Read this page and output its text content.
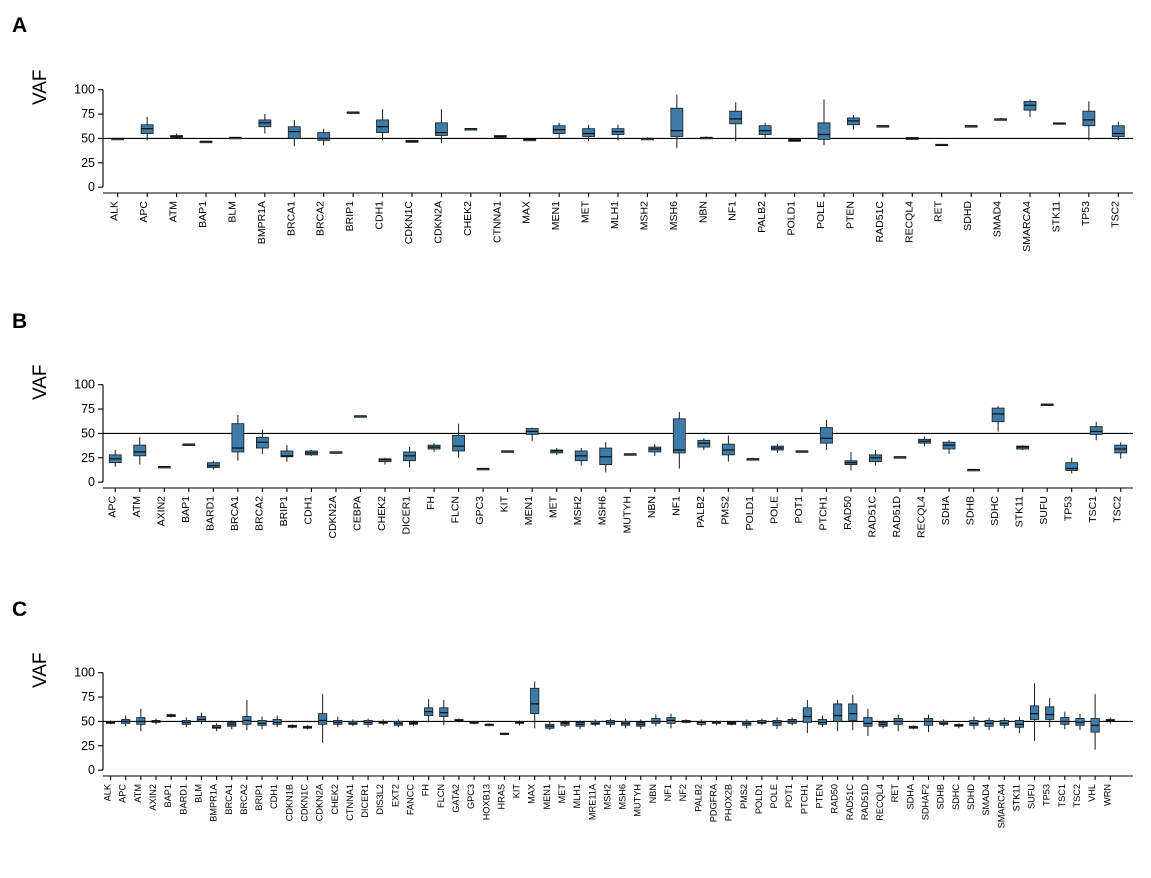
A
VAF
0
25
50
75
100
ALK APC ATM BAP1 BLM BMPR1A BRCA1 BRCA2 BRIP1 CDH1 CDKN1C CDKN2A CHEK2 CTNNA1 MAX MEN1 MET MLH1 MSH2 MSH6 NBN NF1 PALB2 POLD1 POLE PTEN RAD51C RECQL4 RET SDHD SMAD4 SMARCA4 STK11 TP53 TSC2
B
VAF
0
25
50
75
100
APC ATM AXIN2 BAP1 BARD1 BRCA1 BRCA2 BRIP1 CDH1 CDKN2A CEBPA CHEK2 DICER1 FH FLCN GPC3 KIT MEN1 MET MSH2 MSH6 MUTYH NBN NF1 PALB2 PMS2 POLD1 POLE POT1 PTCH1 RAD50 RAD51C RAD51D RECQL4 SDHA SDHB SDHC STK11 SUFU TP53 TSC1 TSC2
C
VAF
0
25
50
75
100
ALK APC ATM AXIN2 BAP1 BARD1 BLM BMPR1A BRCA1 BRCA2 BRIP1 CDH1 CDKN1B CDKN1C CDKN2A CHEK2 CTNNA1 DICER1 DIS3L2 EXT2 FANCC FH FLCN GATA2 GPC3 HOXB13 HRAS KIT MAX MEN1 MET MLH1 MRE11A MSH2 MSH6 MUTYH NBN NF1 NF2 PALB2 PDGFRA PHOX2B PMS2 POLD1 POLE POT1 PTCH1 PTEN RAD50 RAD51C RAD51D RECQL4 RET SDHA SDHAF2 SDHB SDHC SDHD SMAD4 SMARCA4 STK11 SUFU TP53 TSC1 TSC2 VHL WRN
